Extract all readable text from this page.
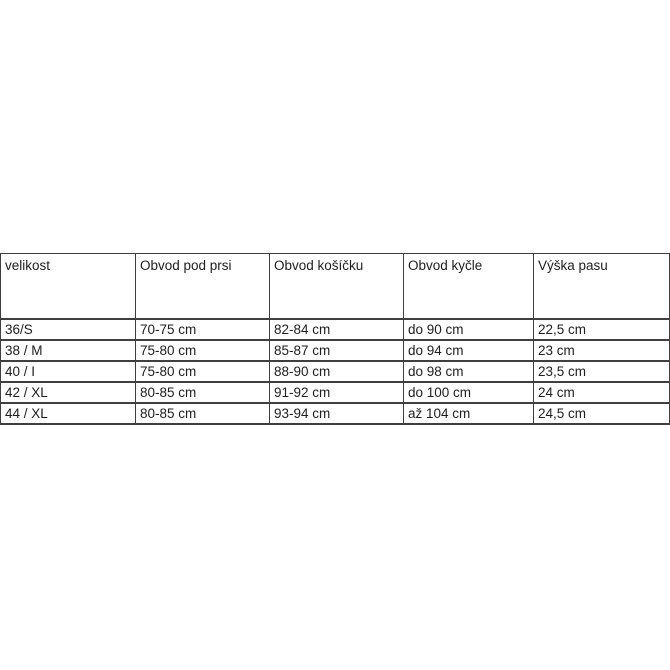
velikost	Obvod pod prsi	Obvod košíčku	Obvod kyčle	Výška pasu
36/S	70-75 cm	82-84 cm	do 90 cm	22,5 cm
38 / M	75-80 cm	85-87 cm	do 94 cm	23 cm
40 / I	75-80 cm	88-90 cm	do 98 cm	23,5 cm
42 / XL	80-85 cm	91-92 cm	do 100 cm	24 cm
44 / XL	80-85 cm	93-94 cm	až 104 cm	24,5 cm
